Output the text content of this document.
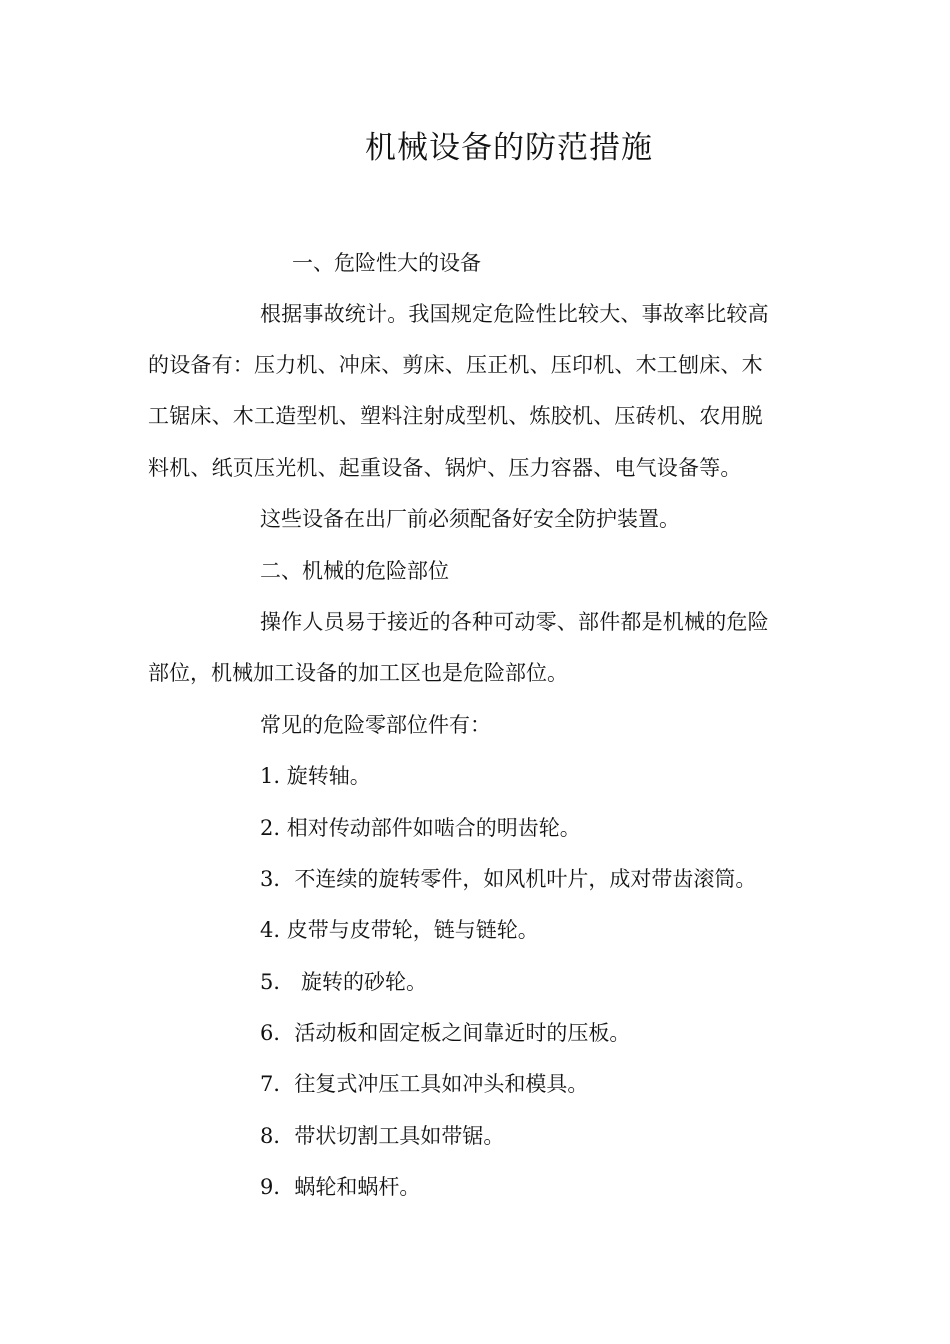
机械设备的防范措施
一、危险性大的设备
根据事故统计。我国规定危险性比较大、事故率比较高
的设备有：压力机、冲床、剪床、压正机、压印机、木工刨床、木
工锯床、木工造型机、塑料注射成型机、炼胶机、压砖机、农用脱
料机、纸页压光机、起重设备、锅炉、压力容器、电气设备等。
这些设备在出厂前必须配备好安全防护装置。
二、机械的危险部位
操作人员易于接近的各种可动零、部件都是机械的危险
部位，机械加工设备的加工区也是危险部位。
常见的危险零部位件有：
1. 旋转轴。
2. 相对传动部件如啮合的明齿轮。
3．不连续的旋转零件，如风机叶片，成对带齿滚筒。
4. 皮带与皮带轮，链与链轮。
5． 旋转的砂轮。
6．活动板和固定板之间靠近时的压板。
7．往复式冲压工具如冲头和模具。
8．带状切割工具如带锯。
9．蜗轮和蜗杆。
